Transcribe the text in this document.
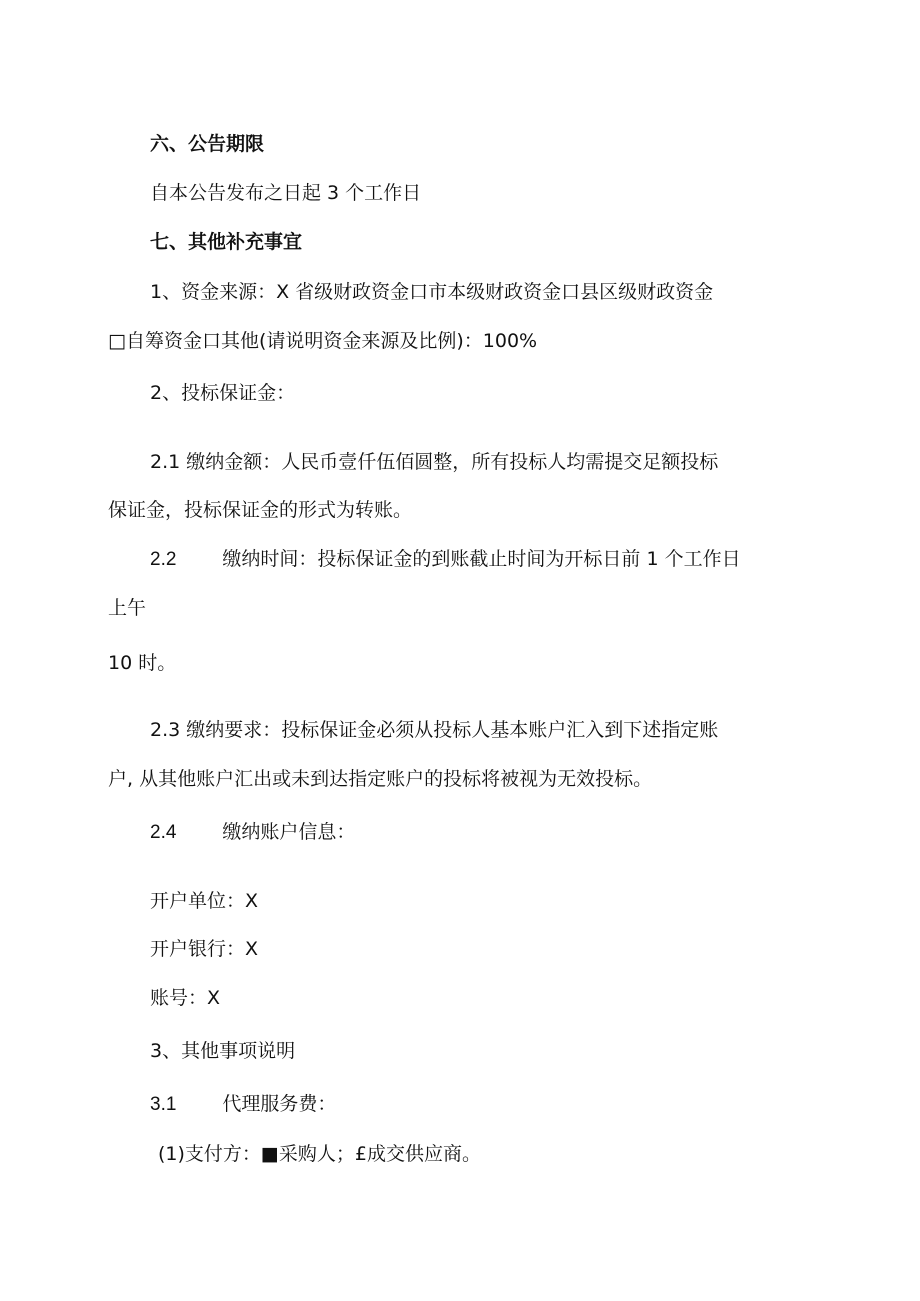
六、公告期限
自本公告发布之日起 3 个工作日
七、其他补充事宜
1、资金来源：X 省级财政资金口市本级财政资金口县区级财政资金
□自筹资金口其他(请说明资金来源及比例)：100%
2、投标保证金：
2.1 缴纳金额：人民币壹仟伍佰圆整，所有投标人均需提交足额投标
保证金，投标保证金的形式为转账。
2.2 缴纳时间：投标保证金的到账截止时间为开标日前 1 个工作日
上午
10 时。
2.3 缴纳要求：投标保证金必须从投标人基本账户汇入到下述指定账
户, 从其他账户汇出或未到达指定账户的投标将被视为无效投标。
2.4 缴纳账户信息：
开户单位：X
开户银行：X
账号：X
3、其他事项说明
3.1 代理服务费：
(1)支付方：■采购人；£成交供应商。
